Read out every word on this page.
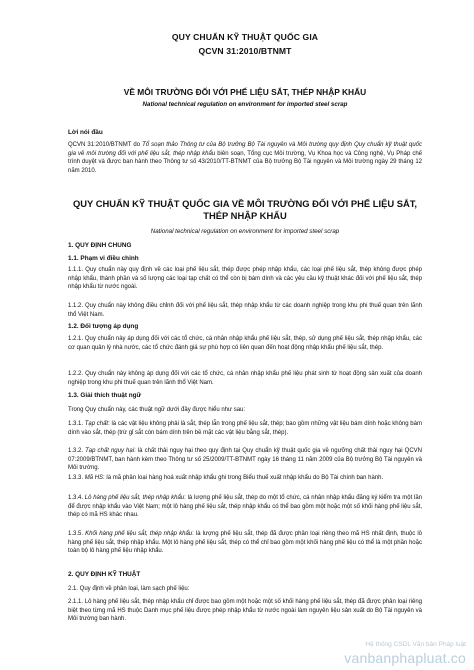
QUY CHUẨN KỸ THUẬT QUỐC GIA
QCVN 31:2010/BTNMT
VỀ MÔI TRƯỜNG ĐỐI VỚI PHẾ LIỆU SẮT, THÉP NHẬP KHẨU
National technical regulation on environment for imported steel scrap
Lời nói đầu
QCVN 31:2010/BTNMT do Tổ soạn thảo Thông tư của Bộ trưởng Bộ Tài nguyên và Môi trường quy định Quy chuẩn kỹ thuật quốc gia về môi trường đối với phế liệu sắt, thép nhập khẩu biên soạn, Tổng cục Môi trường, Vụ Khoa học và Công nghệ, Vụ Pháp chế trình duyệt và được ban hành theo Thông tư số 43/2010/TT-BTNMT của Bộ trưởng Bộ Tài nguyên và Môi trường ngày 29 tháng 12 năm 2010.
QUY CHUẨN KỸ THUẬT QUỐC GIA VỀ MÔI TRƯỜNG ĐỐI VỚI PHẾ LIỆU SẮT,
THÉP NHẬP KHẨU
National technical regulation on environment for imported steel scrap
1. QUY ĐỊNH CHUNG
1.1. Phạm vi điều chỉnh
1.1.1. Quy chuẩn này quy định về các loại phế liệu sắt, thép được phép nhập khẩu, các loại phế liệu sắt, thép không được phép nhập khẩu, thành phần và số lượng các loại tạp chất có thể còn bị bám dính và các yêu cầu kỹ thuật khác đối với phế liệu sắt, thép nhập khẩu từ nước ngoài.
1.1.2. Quy chuẩn này không điều chỉnh đối với phế liệu sắt, thép nhập khẩu từ các doanh nghiệp trong khu phi thuế quan trên lãnh thổ Việt Nam.
1.2. Đối tượng áp dụng
1.2.1. Quy chuẩn này áp dụng đối với các tổ chức, cá nhân nhập khẩu phế liệu sắt, thép, sử dụng phế liệu sắt, thép nhập khẩu, các cơ quan quản lý nhà nước, các tổ chức đánh giá sự phù hợp có liên quan đến hoạt động nhập khẩu phế liệu sắt, thép.
1.2.2. Quy chuẩn này không áp dụng đối với các tổ chức, cá nhân nhập khẩu phế liệu phát sinh từ hoạt động sản xuất của doanh nghiệp trong khu phi thuế quan trên lãnh thổ Việt Nam.
1.3. Giải thích thuật ngữ
Trong Quy chuẩn này, các thuật ngữ dưới đây được hiểu như sau:
1.3.1. Tạp chất: là các vật liệu không phải là sắt, thép lẫn trong phế liệu sắt, thép; bao gồm những vật liệu bám dính hoặc không bám dính vào sắt, thép (trừ gỉ sắt còn bám dính trên bề mặt các vật liệu bằng sắt, thép).
1.3.2. Tạp chất nguy hại: là chất thải nguy hại theo quy định tại Quy chuẩn kỹ thuật quốc gia về ngưỡng chất thải nguy hại QCVN 07:2009/BTNMT, ban hành kèm theo Thông tư số 25/2009/TT-BTNMT ngày 16 tháng 11 năm 2009 của Bộ trưởng Bộ Tài nguyên và Môi trường.
1.3.3. Mã HS: là mã phân loại hàng hoá xuất nhập khẩu ghi trong Biểu thuế xuất nhập khẩu do Bộ Tài chính ban hành.
1.3.4. Lô hàng phế liệu sắt, thép nhập khẩu: là lượng phế liệu sắt, thép do một tổ chức, cá nhân nhập khẩu đăng ký kiểm tra một lần để được nhập khẩu vào Việt Nam; một lô hàng phế liệu sắt, thép nhập khẩu có thể bao gồm một hoặc một số khối hàng phế liệu sắt, thép có mã HS khác nhau.
1.3.5. Khối hàng phế liệu sắt, thép nhập khẩu: là lượng phế liệu sắt, thép đã được phân loại riêng theo mã HS nhất định, thuộc lô hàng phế liệu sắt, thép nhập khẩu. Một lô hàng phế liệu sắt, thép có thể chỉ bao gồm một khối hàng phế liệu có thể là một phần hoặc toàn bộ lô hàng phế liệu nhập khẩu.
2. QUY ĐỊNH KỸ THUẬT
2.1. Quy định về phân loại, làm sạch phế liệu:
2.1.1. Lô hàng phế liệu sắt, thép nhập khẩu chỉ được bao gồm một hoặc một số khối hàng phế liệu sắt, thép đã được phân loại riêng biệt theo từng mã HS thuộc Danh mục phế liệu được phép nhập khẩu từ nước ngoài làm nguyên liệu sản xuất do Bộ Tài nguyên và Môi trường ban hành.
Hệ thống CSDL Văn bản Pháp luật
vanbanphapluat.co
